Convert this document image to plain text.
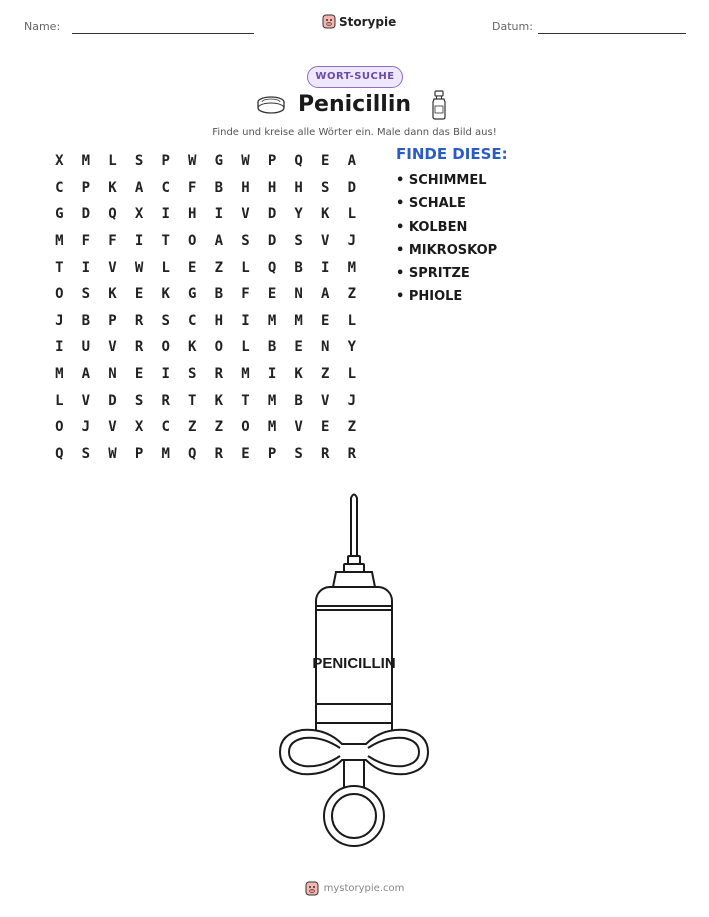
Name:	Storypie	Datum:
WORT-SUCHE
Penicillin
Finde und kreise alle Wörter ein. Male dann das Bild aus!
X	M	L	S	P	W	G	W	P	Q	E	A
C	P	K	A	C	F	B	H	H	H	S	D
G	D	Q	X	I	H	I	V	D	Y	K	L
M	F	F	I	T	O	A	S	D	S	V	J
T	I	V	W	L	E	Z	L	Q	B	I	M
O	S	K	E	K	G	B	F	E	N	A	Z
J	B	P	R	S	C	H	I	M	M	E	L
I	U	V	R	O	K	O	L	B	E	N	Y
M	A	N	E	I	S	R	M	I	K	Z	L
L	V	D	S	R	T	K	T	M	B	V	J
O	J	V	X	C	Z	Z	O	M	V	E	Z
Q	S	W	P	M	Q	R	E	P	S	R	R
FINDE DIESE:
• SCHIMMEL
• SCHALE
• KOLBEN
• MIKROSKOP
• SPRITZE
• PHIOLE
PENICILLIN
mystorypie.com
